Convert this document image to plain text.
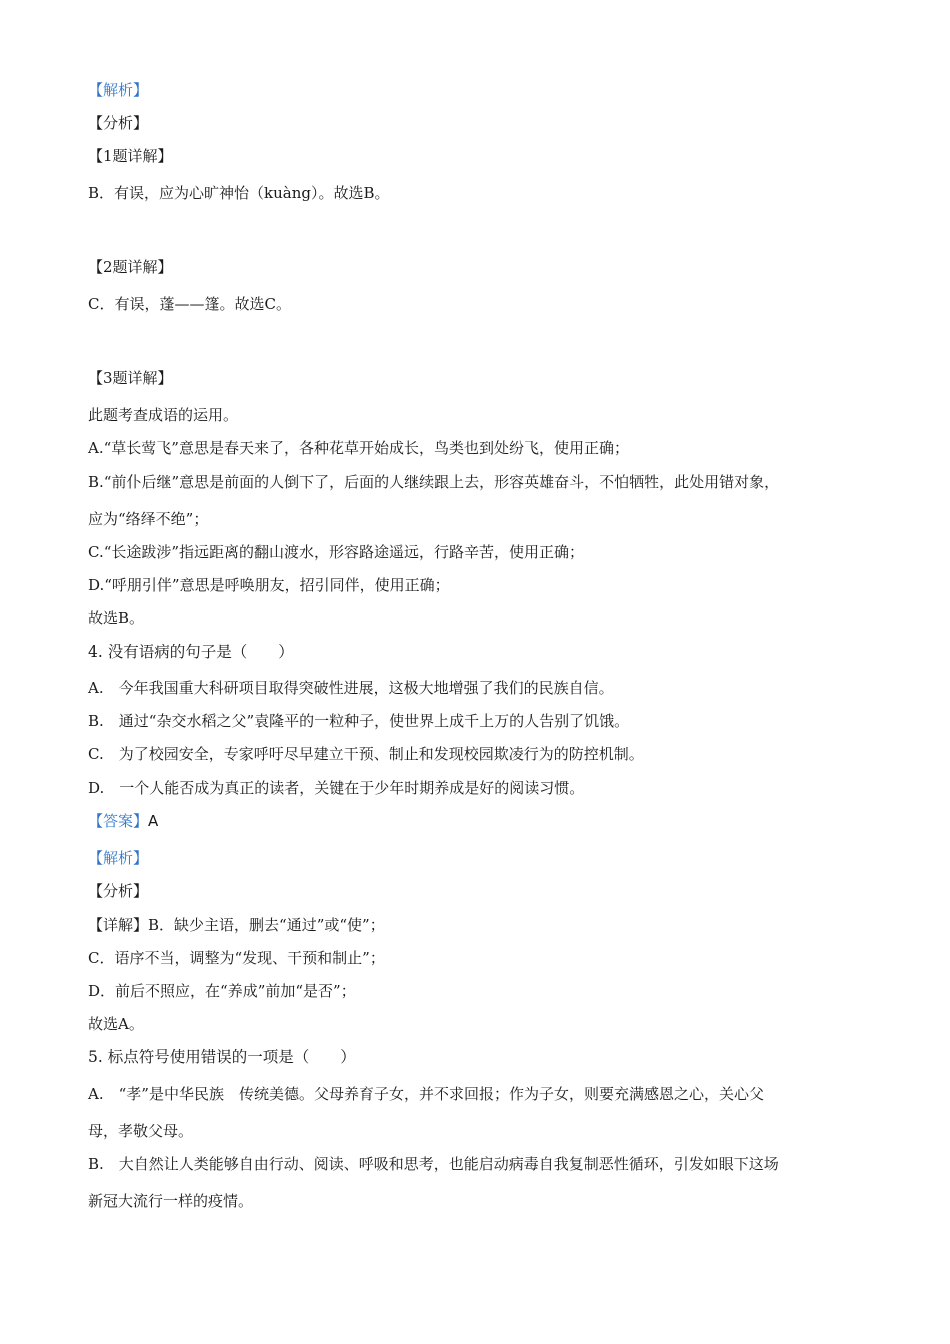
【解析】
【分析】
【1题详解】
B．有误，应为心旷神怡（kuàng）。故选B。
【2题详解】
C．有误，蓬——篷。故选C。
【3题详解】
此题考查成语的运用。
A.“草长莺飞”意思是春天来了，各种花草开始成长，鸟类也到处纷飞，使用正确；
B.“前仆后继”意思是前面的人倒下了，后面的人继续跟上去，形容英雄奋斗，不怕牺牲，此处用错对象，
应为“络绎不绝”；
C.“长途跋涉”指远距离的翻山渡水，形容路途遥远，行路辛苦，使用正确；
D.“呼朋引伴”意思是呼唤朋友，招引同伴，使用正确；
故选B。
4. 没有语病的句子是（　　）
A.　今年我国重大科研项目取得突破性进展，这极大地增强了我们的民族自信。
B.　通过“杂交水稻之父”袁隆平的一粒种子，使世界上成千上万的人告别了饥饿。
C.　为了校园安全，专家呼吁尽早建立干预、制止和发现校园欺凌行为的防控机制。
D.　一个人能否成为真正的读者，关键在于少年时期养成是好的阅读习惯。
【答案】A
【解析】
【分析】
【详解】B．缺少主语，删去“通过”或“使”；
C．语序不当，调整为“发现、干预和制止”；
D．前后不照应，在“养成”前加“是否”；
故选A。
5. 标点符号使用错误的一项是（　　）
A.　“孝”是中华民族　传统美德。父母养育子女，并不求回报；作为子女，则要充满感恩之心，关心父
母，孝敬父母。
B.　大自然让人类能够自由行动、阅读、呼吸和思考，也能启动病毒自我复制恶性循环，引发如眼下这场
新冠大流行一样的疫情。
